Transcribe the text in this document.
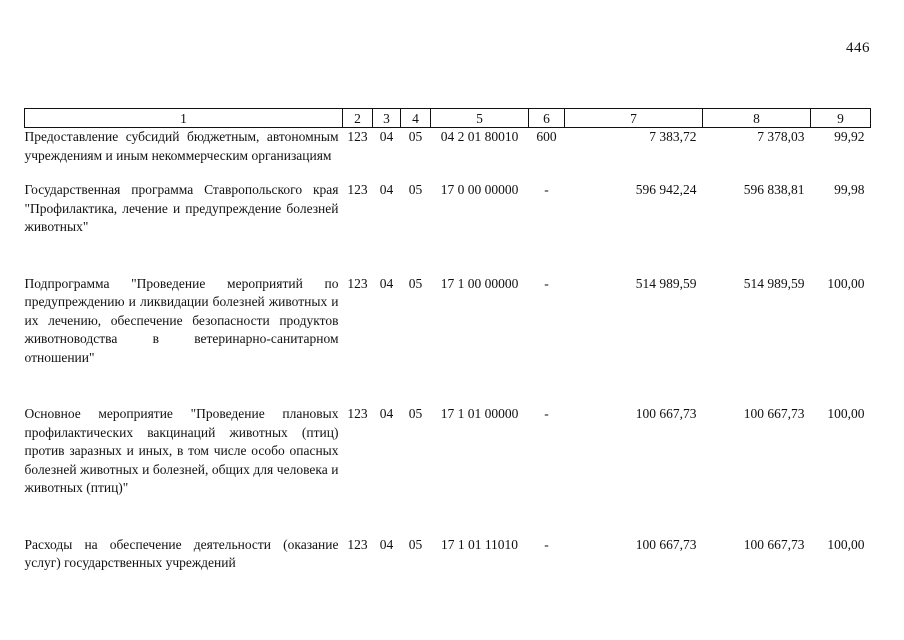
446
1	2	3	4	5	6	7	8	9
Предоставление субсидий бюджетным, автономным учреждениям и иным некоммерческим организациям	123	04	05	04 2 01 80010	600	7 383,72	7 378,03	99,92
Государственная программа Ставропольского края "Профилактика, лечение и предупреждение болезней животных"	123	04	05	17 0 00 00000	-	596 942,24	596 838,81	99,98
Подпрограмма "Проведение мероприятий по предупреждению и ликвидации болезней животных и их лечению, обеспечение безопасности продуктов животноводства в ветеринарно-санитарном отношении"	123	04	05	17 1 00 00000	-	514 989,59	514 989,59	100,00
Основное мероприятие "Проведение плановых профилактических вакцинаций животных (птиц) против заразных и иных, в том числе особо опасных болезней животных и болезней, общих для человека и животных (птиц)"	123	04	05	17 1 01 00000	-	100 667,73	100 667,73	100,00
Расходы на обеспечение деятельности (оказание услуг) государственных учреждений	123	04	05	17 1 01 11010	-	100 667,73	100 667,73	100,00
